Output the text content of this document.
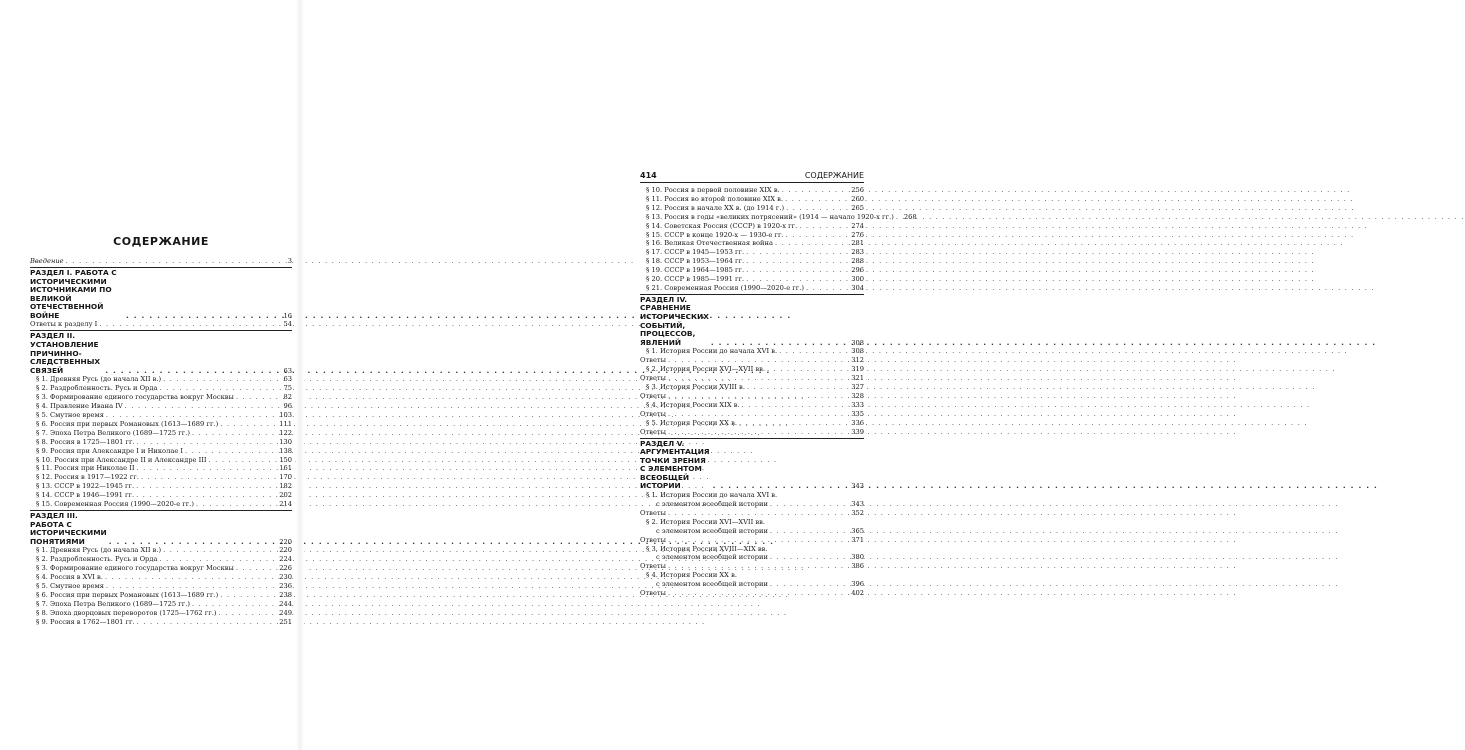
СОДЕРЖАНИЕ
Введение . . .	3
РАЗДЕЛ I. РАБОТА С ИСТОРИЧЕСКИМИ ИСТОЧНИКАМИ ПО ВЕЛИКОЙ ОТЕЧЕСТВЕННОЙ ВОЙНЕ . . .	16
Ответы к разделу I . . .	54
РАЗДЕЛ II. УСТАНОВЛЕНИЕ ПРИЧИННО-СЛЕДСТВЕННЫХ СВЯЗЕЙ . . .	63
§ 1. Древняя Русь (до начала XII в.) . . .	63
§ 2. Раздробленность. Русь и Орда . . .	75
§ 3. Формирование единого государства вокруг Москвы . . .	82
§ 4. Правление Ивана IV . . .	96
§ 5. Смутное время . . .	103
§ 6. Россия при первых Романовых (1613—1689 гг.) . . .	111
§ 7. Эпоха Петра Великого (1689—1725 гг.) . . .	122
§ 8. Россия в 1725—1801 гг. . . .	130
§ 9. Россия при Александре I и Николае I . . .	138
§ 10. Россия при Александре II и Александре III . . .	150
§ 11. Россия при Николае II . . .	161
§ 12. Россия в 1917—1922 гг. . . .	170
§ 13. СССР в 1922—1945 гг. . . .	182
§ 14. СССР в 1946—1991 гг. . . .	202
§ 15. Современная Россия (1990—2020-е гг.) . . .	214
РАЗДЕЛ III. РАБОТА С ИСТОРИЧЕСКИМИ ПОНЯТИЯМИ . . .	220
§ 1. Древняя Русь (до начала XII в.) . . .	220
§ 2. Раздробленность. Русь и Орда . . .	224
§ 3. Формирование единого государства вокруг Москвы . . .	226
§ 4. Россия в XVI в. . . .	230
§ 5. Смутное время . . .	236
§ 6. Россия при первых Романовых (1613—1689 гг.) . . .	238
§ 7. Эпоха Петра Великого (1689—1725 гг.) . . .	244
§ 8. Эпоха дворцовых переворотов (1725—1762 гг.) . . .	249
§ 9. Россия в 1762—1801 гг. . . .	251
414	СОДЕРЖАНИЕ
§ 10. Россия в первой половине XIX в. . . .	256
§ 11. Россия во второй половине XIX в. . . .	260
§ 12. Россия в начале XX в. (до 1914 г.) . . .	265
§ 13. Россия в годы «великих потрясений» (1914 — начало 1920-х гг.) . . . 268
§ 14. Советская Россия (СССР) в 1920-х гг. . . .	274
§ 15. СССР в конце 1920-х — 1930-е гг. . . .	276
§ 16. Великая Отечественная война . . .	281
§ 17. СССР в 1945—1953 гг. . . .	283
§ 18. СССР в 1953—1964 гг. . . .	288
§ 19. СССР в 1964—1985 гг. . . .	296
§ 20. СССР в 1985—1991 гг. . . .	300
§ 21. Современная Россия (1990—2020-е гг.) . . .	304
РАЗДЕЛ IV. СРАВНЕНИЕ ИСТОРИЧЕСКИХ СОБЫТИЙ, ПРОЦЕССОВ, ЯВЛЕНИЙ . . .	308
§ 1. История России до начала XVI в. . . .	308
Ответы . . .	312
§ 2. История России XVI—XVII вв. . . .	319
Ответы . . .	321
§ 3. История России XVIII в. . . .	327
Ответы . . .	328
§ 4. История России XIX в. . . .	333
Ответы . . .	335
§ 5. История России XX в. . . .	336
Ответы . . .	339
РАЗДЕЛ V. АРГУМЕНТАЦИЯ ТОЧКИ ЗРЕНИЯ С ЭЛЕМЕНТОМ ВСЕОБЩЕЙ ИСТОРИИ . . .	343
§ 1. История России до начала XVI в.
с элементом всеобщей истории . . .	343
Ответы . . .	352
§ 2. История России XVI—XVII вв.
с элементом всеобщей истории . . .	365
Ответы . . .	371
§ 3. История России XVIII—XIX вв.
с элементом всеобщей истории . . .	380
Ответы . . .	386
§ 4. История России XX в.
с элементом всеобщей истории . . .	396
Ответы . . .	402
